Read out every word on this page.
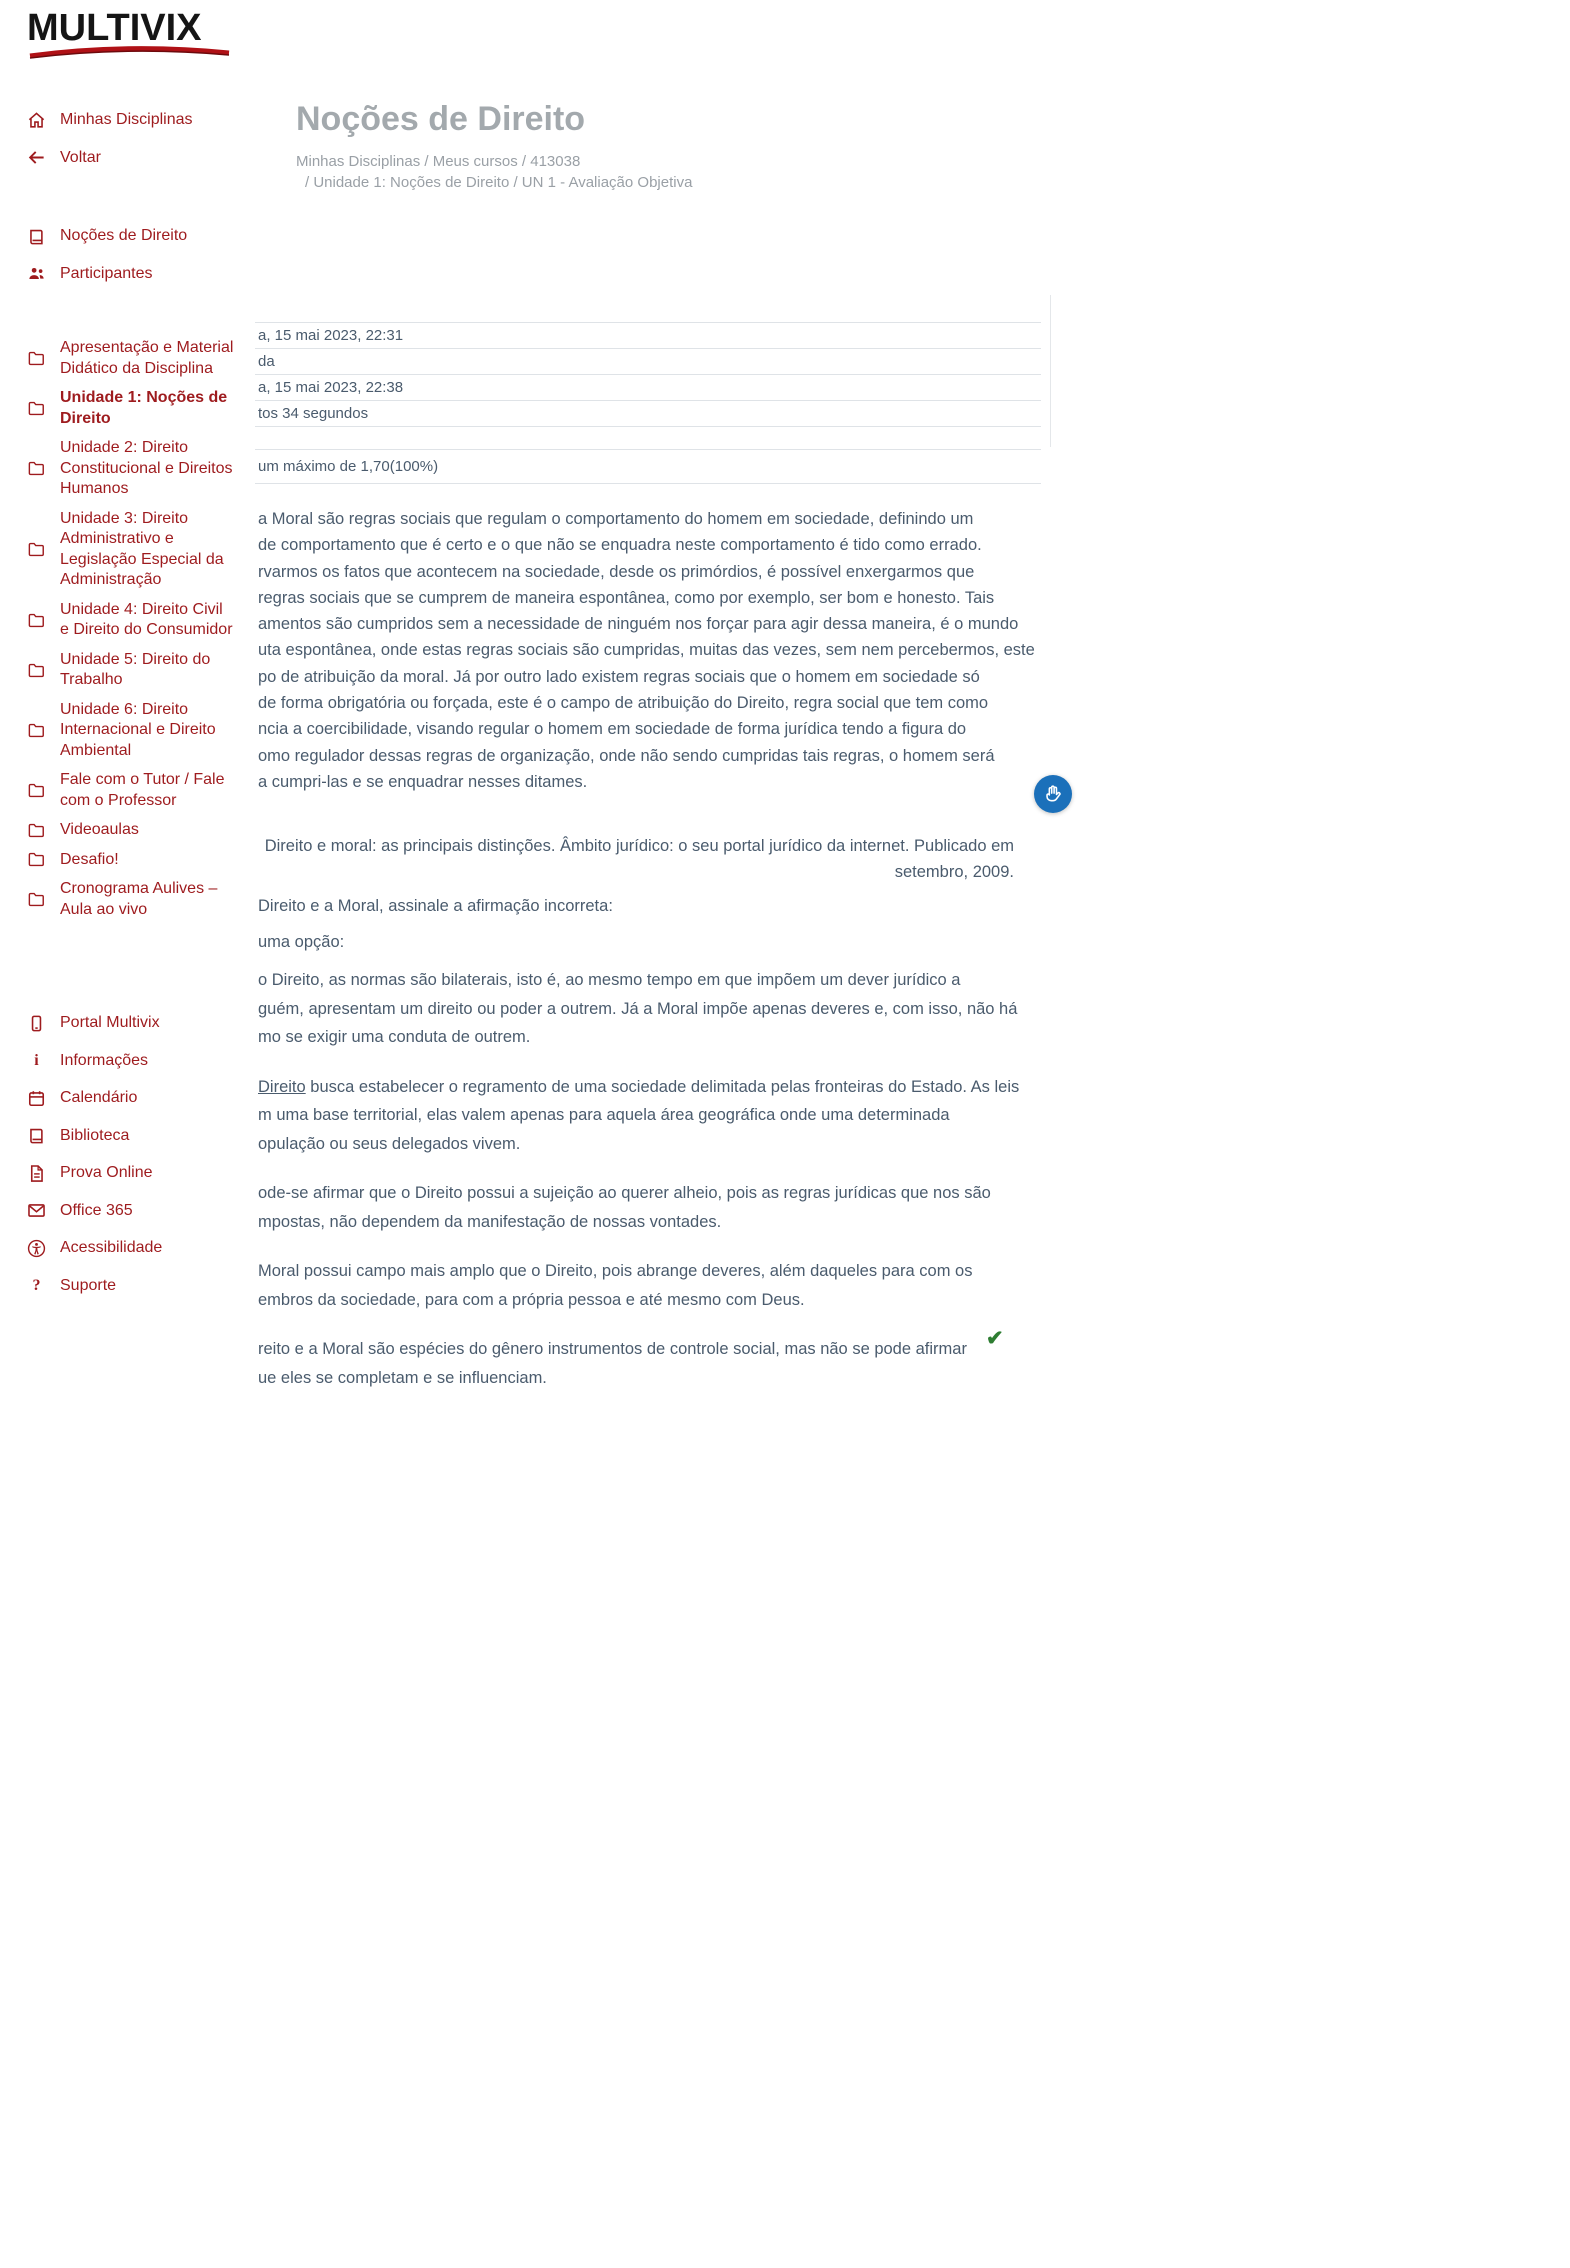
MULTIVIX
Minhas Disciplinas
Voltar
Noções de Direito
Participantes
Apresentação e Material Didático da Disciplina
Unidade 1: Noções de Direito
Unidade 2: Direito Constitucional e Direitos Humanos
Unidade 3: Direito Administrativo e Legislação Especial da Administração
Unidade 4: Direito Civil e Direito do Consumidor
Unidade 5: Direito do Trabalho
Unidade 6: Direito Internacional e Direito Ambiental
Fale com o Tutor / Fale com o Professor
Videoaulas
Desafio!
Cronograma Aulives – Aula ao vivo
Portal Multivix
i	Informações
Calendário
Biblioteca
Prova Online
Office 365
Acessibilidade
?	Suporte
Noções de Direito
Minhas Disciplinas / Meus cursos / 413038
/ Unidade 1: Noções de Direito / UN 1 - Avaliação Objetiva
a, 15 mai 2023, 22:31
da
a, 15 mai 2023, 22:38
tos 34 segundos
um máximo de 1,70(100%)
a Moral são regras sociais que regulam o comportamento do homem em sociedade, definindo um
de comportamento que é certo e o que não se enquadra neste comportamento é tido como errado.
rvarmos os fatos que acontecem na sociedade, desde os primórdios, é possível enxergarmos que
regras sociais que se cumprem de maneira espontânea, como por exemplo, ser bom e honesto. Tais
amentos são cumpridos sem a necessidade de ninguém nos forçar para agir dessa maneira, é o mundo
uta espontânea, onde estas regras sociais são cumpridas, muitas das vezes, sem nem percebermos, este
po de atribuição da moral. Já por outro lado existem regras sociais que o homem em sociedade só
de forma obrigatória ou forçada, este é o campo de atribuição do Direito, regra social que tem como
ncia a coercibilidade, visando regular o homem em sociedade de forma jurídica tendo a figura do
omo regulador dessas regras de organização, onde não sendo cumpridas tais regras, o homem será
a cumpri-las e se enquadrar nesses ditames.
Direito e moral: as principais distinções. Âmbito jurídico: o seu portal jurídico da internet. Publicado em
setembro, 2009.
Direito e a Moral, assinale a afirmação incorreta:
uma opção:
o Direito, as normas são bilaterais, isto é, ao mesmo tempo em que impõem um dever jurídico a
guém, apresentam um direito ou poder a outrem. Já a Moral impõe apenas deveres e, com isso, não há
mo se exigir uma conduta de outrem.
Direito busca estabelecer o regramento de uma sociedade delimitada pelas fronteiras do Estado. As leis
m uma base territorial, elas valem apenas para aquela área geográfica onde uma determinada
opulação ou seus delegados vivem.
ode-se afirmar que o Direito possui a sujeição ao querer alheio, pois as regras jurídicas que nos são
mpostas, não dependem da manifestação de nossas vontades.
Moral possui campo mais amplo que o Direito, pois abrange deveres, além daqueles para com os
embros da sociedade, para com a própria pessoa e até mesmo com Deus.
✔
reito e a Moral são espécies do gênero instrumentos de controle social, mas não se pode afirmar
ue eles se completam e se influenciam.
